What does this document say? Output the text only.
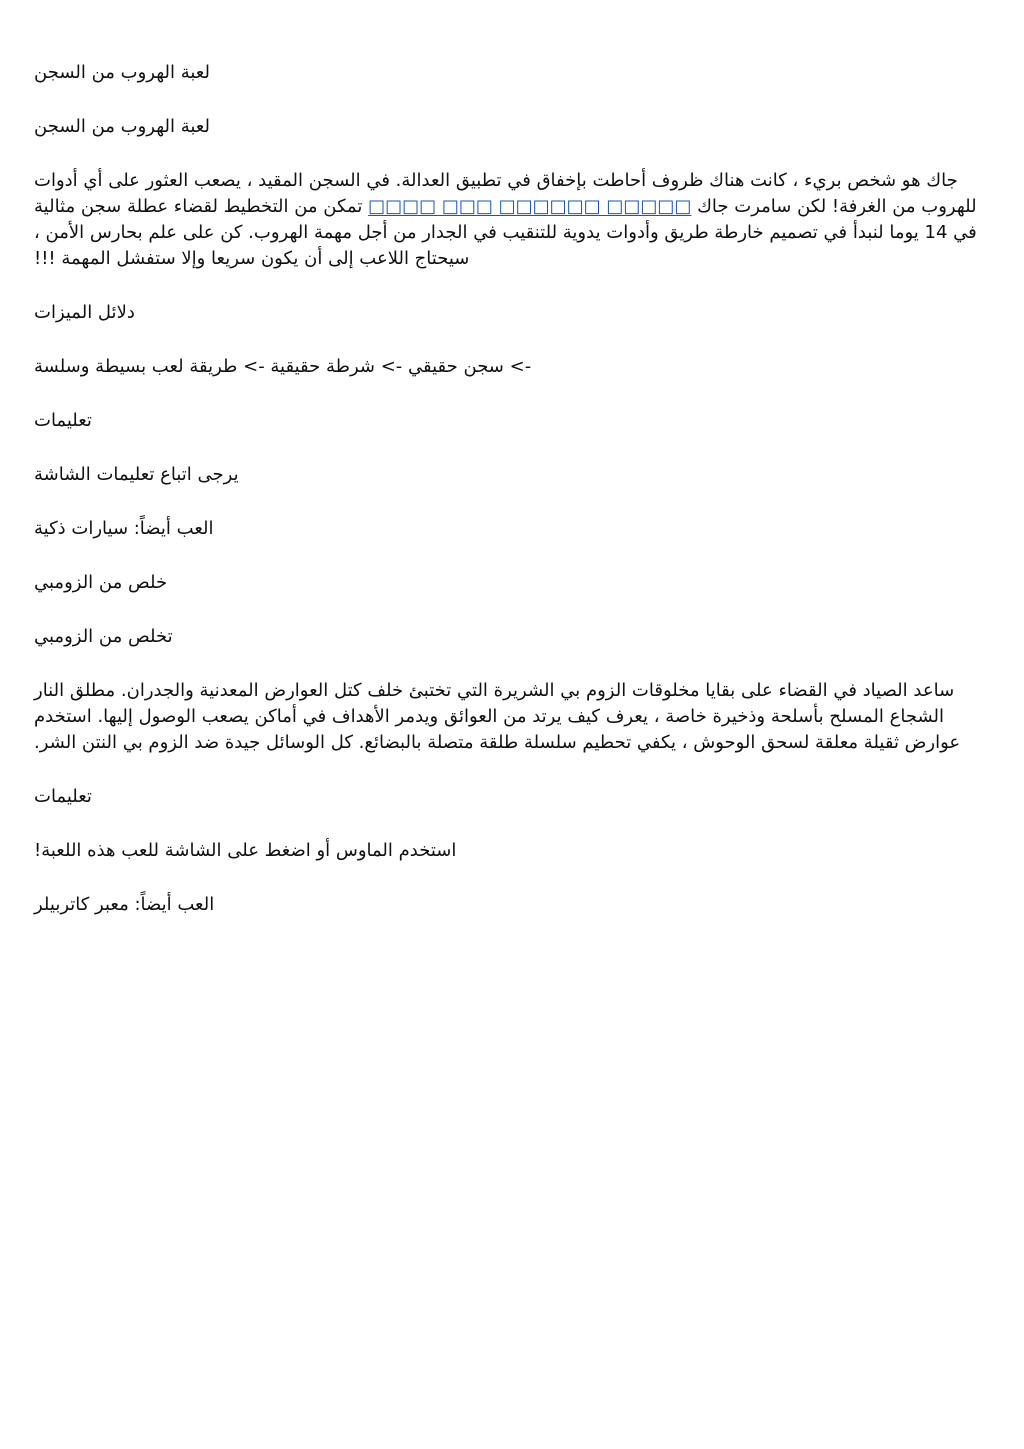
لعبة الهروب من السجن

لعبة الهروب من السجن

جاك هو شخص بريء ، كانت هناك ظروف أحاطت بإخفاق في تطبيق العدالة. في السجن المقيد ، يصعب العثور على أي أدوات للهروب من الغرفة! لكن سامرت جاك □□□□□ □□□□□□ □□□ □□□□ تمكن من التخطيط لقضاء عطلة سجن مثالية في 14 يوما لنبدأ في تصميم خارطة طريق وأدوات يدوية للتنقيب في الجدار من أجل مهمة الهروب. كن على علم بحارس الأمن ، سيحتاج اللاعب إلى أن يكون سريعا وإلا ستفشل المهمة !!!

دلائل الميزات

-> سجن حقيقي -> شرطة حقيقية -> طريقة لعب بسيطة وسلسة

تعليمات

يرجى اتباع تعليمات الشاشة

العب أيضاً: سيارات ذكية

خلص من الزومبي

تخلص من الزومبي

ساعد الصياد في القضاء على بقايا مخلوقات الزوم بي الشريرة التي تختبئ خلف كتل العوارض المعدنية والجدران. مطلق النار الشجاع المسلح بأسلحة وذخيرة خاصة ، يعرف كيف يرتد من العوائق ويدمر الأهداف في أماكن يصعب الوصول إليها. استخدم عوارض ثقيلة معلقة لسحق الوحوش ، يكفي تحطيم سلسلة طلقة متصلة بالبضائع. كل الوسائل جيدة ضد الزوم بي النتن الشر.

تعليمات

استخدم الماوس أو اضغط على الشاشة للعب هذه اللعبة!

العب أيضاً: معبر كاتربيلر
